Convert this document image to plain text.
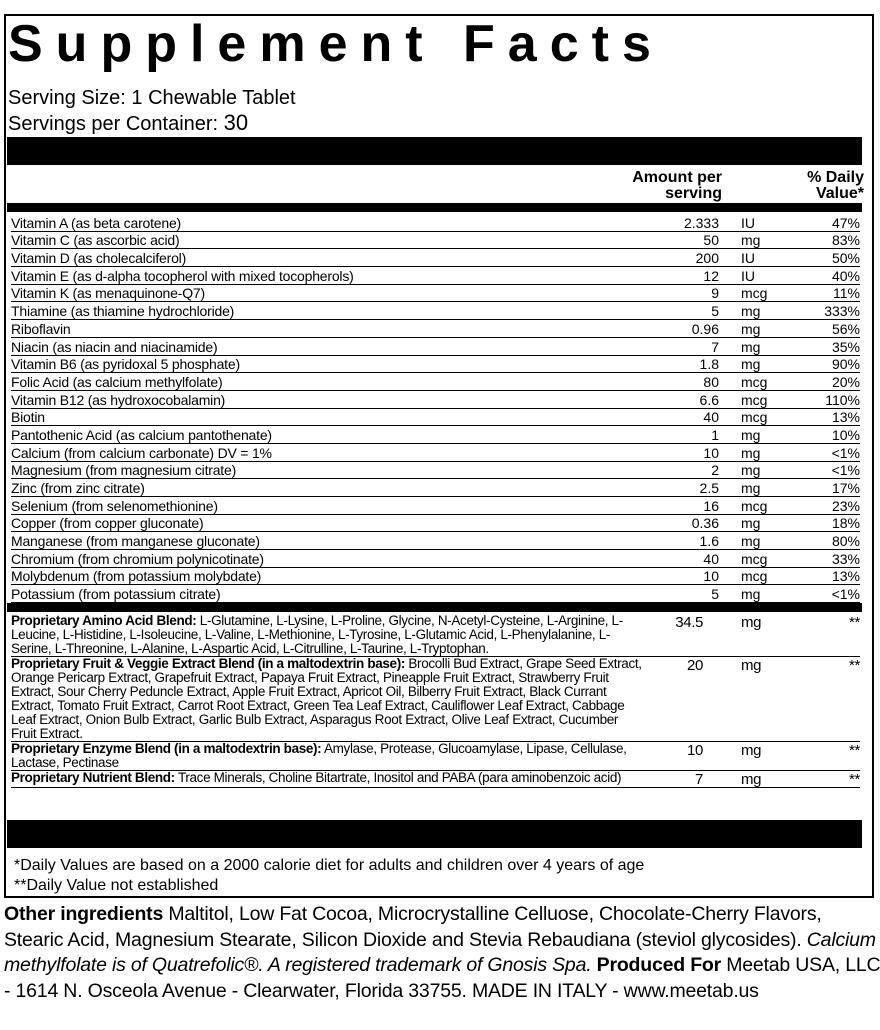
Supplement Facts
Serving Size: 1 Chewable Tablet
Servings per Container: 30
Amount per
serving
% Daily
Value*
Vitamin A (as beta carotene)	2.333	IU	47%
Vitamin C (as ascorbic acid)	50	mg	83%
Vitamin D (as cholecalciferol)	200	IU	50%
Vitamin E (as d-alpha tocopherol with mixed tocopherols)	12	IU	40%
Vitamin K (as menaquinone-Q7)	9	mcg	11%
Thiamine (as thiamine hydrochloride)	5	mg	333%
Riboflavin	0.96	mg	56%
Niacin (as niacin and niacinamide)	7	mg	35%
Vitamin B6 (as pyridoxal 5 phosphate)	1.8	mg	90%
Folic Acid (as calcium methylfolate)	80	mcg	20%
Vitamin B12 (as hydroxocobalamin)	6.6	mcg	110%
Biotin	40	mcg	13%
Pantothenic Acid (as calcium pantothenate)	1	mg	10%
Calcium (from calcium carbonate) DV = 1%	10	mg	<1%
Magnesium (from magnesium citrate)	2	mg	<1%
Zinc (from zinc citrate)	2.5	mg	17%
Selenium (from selenomethionine)	16	mcg	23%
Copper (from copper gluconate)	0.36	mg	18%
Manganese (from manganese gluconate)	1.6	mg	80%
Chromium (from chromium polynicotinate)	40	mcg	33%
Molybdenum (from potassium molybdate)	10	mcg	13%
Potassium (from potassium citrate)	5	mg	<1%
Proprietary Amino Acid Blend: L-Glutamine, L-Lysine, L-Proline, Glycine, N-Acetyl-Cysteine, L-Arginine, L-Leucine, L-Histidine, L-Isoleucine, L-Valine, L-Methionine, L-Tyrosine, L-Glutamic Acid, L-Phenylalanine, L-Serine, L-Threonine, L-Alanine, L-Aspartic Acid, L-Citrulline, L-Taurine, L-Tryptophan.	34.5	mg	**
Proprietary Fruit & Veggie Extract Blend (in a maltodextrin base): Brocolli Bud Extract, Grape Seed Extract, Orange Pericarp Extract, Grapefruit Extract, Papaya Fruit Extract, Pineapple Fruit Extract, Strawberry Fruit Extract, Sour Cherry Peduncle Extract, Apple Fruit Extract, Apricot Oil, Bilberry Fruit Extract, Black Currant Extract, Tomato Fruit Extract, Carrot Root Extract, Green Tea Leaf Extract, Cauliflower Leaf Extract, Cabbage Leaf Extract, Onion Bulb Extract, Garlic Bulb Extract, Asparagus Root Extract, Olive Leaf Extract, Cucumber Fruit Extract.	20	mg	**
Proprietary Enzyme Blend (in a maltodextrin base): Amylase, Protease, Glucoamylase, Lipase, Cellulase, Lactase, Pectinase	10	mg	**
Proprietary Nutrient Blend: Trace Minerals, Choline Bitartrate, Inositol and PABA (para aminobenzoic acid)	7	mg	**
*Daily Values are based on a 2000 calorie diet for adults and children over 4 years of age
**Daily Value not established
Other ingredients Maltitol, Low Fat Cocoa, Microcrystalline Celluose, Chocolate-Cherry Flavors, Stearic Acid, Magnesium Stearate, Silicon Dioxide and Stevia Rebaudiana (steviol glycosides). Calcium methylfolate is of Quatrefolic®. A registered trademark of Gnosis Spa. Produced For Meetab USA, LLC - 1614 N. Osceola Avenue - Clearwater, Florida 33755. MADE IN ITALY - www.meetab.us
